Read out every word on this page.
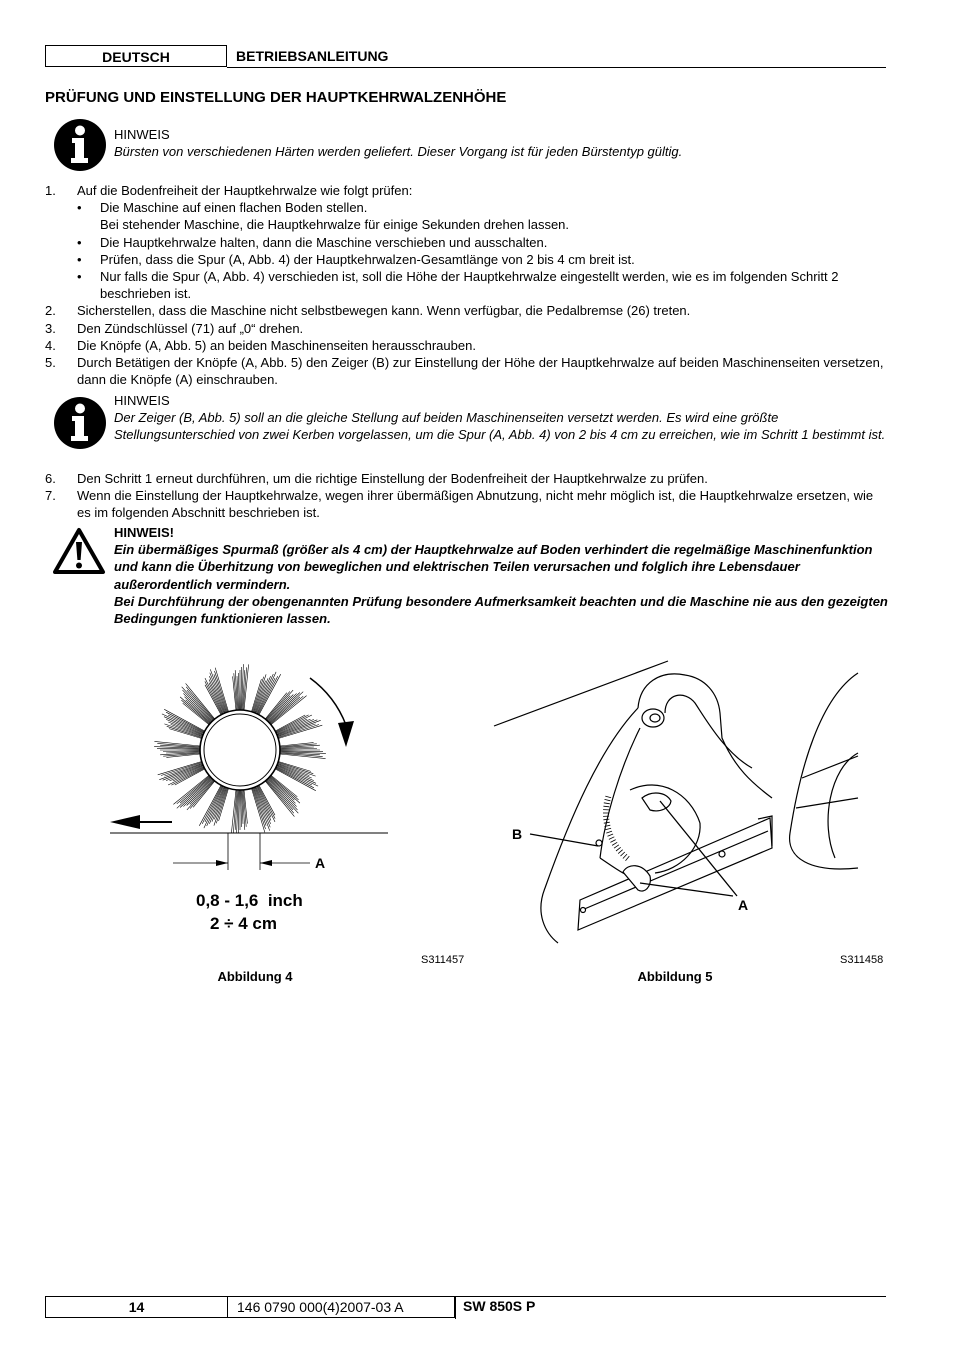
DEUTSCH	BETRIEBSANLEITUNG
PRÜFUNG UND EINSTELLUNG DER HAUPTKEHRWALZENHÖHE
HINWEIS
Bürsten von verschiedenen Härten werden geliefert. Dieser Vorgang ist für jeden Bürstentyp gültig.
1. Auf die Bodenfreiheit der Hauptkehrwalze wie folgt prüfen:
• Die Maschine auf einen flachen Boden stellen.
Bei stehender Maschine, die Hauptkehrwalze für einige Sekunden drehen lassen.
• Die Hauptkehrwalze halten, dann die Maschine verschieben und ausschalten.
• Prüfen, dass die Spur (A, Abb. 4) der Hauptkehrwalzen-Gesamtlänge von 2 bis 4 cm breit ist.
• Nur falls die Spur (A, Abb. 4) verschieden ist, soll die Höhe der Hauptkehrwalze eingestellt werden, wie es im folgenden Schritt 2 beschrieben ist.
2. Sicherstellen, dass die Maschine nicht selbstbewegen kann. Wenn verfügbar, die Pedalbremse (26) treten.
3. Den Zündschlüssel (71) auf „0“ drehen.
4. Die Knöpfe (A, Abb. 5) an beiden Maschinenseiten herausschrauben.
5. Durch Betätigen der Knöpfe (A, Abb. 5) den Zeiger (B) zur Einstellung der Höhe der Hauptkehrwalze auf beiden Maschinenseiten versetzen, dann die Knöpfe (A) einschrauben.
HINWEIS
Der Zeiger (B, Abb. 5) soll an die gleiche Stellung auf beiden Maschinenseiten versetzt werden. Es wird eine größte Stellungsunterschied von zwei Kerben vorgelassen, um die Spur (A, Abb. 4) von 2 bis 4 cm zu erreichen, wie im Schritt 1 bestimmt ist.
6. Den Schritt 1 erneut durchführen, um die richtige Einstellung der Bodenfreiheit der Hauptkehrwalze zu prüfen.
7. Wenn die Einstellung der Hauptkehrwalze, wegen ihrer übermäßigen Abnutzung, nicht mehr möglich ist, die Hauptkehrwalze ersetzen, wie es im folgenden Abschnitt beschrieben ist.
HINWEIS!
Ein übermäßiges Spurmaß (größer als 4 cm) der Hauptkehrwalze auf Boden verhindert die regelmäßige Maschinenfunktion und kann die Überhitzung von beweglichen und elektrischen Teilen verursachen und folglich ihre Lebensdauer außerordentlich vermindern.
Bei Durchführung der obengenannten Prüfung besondere Aufmerksamkeit beachten und die Maschine nie aus den gezeigten Bedingungen funktionieren lassen.
A
0,8 - 1,6  inch
2 ÷ 4 cm
S311457
Abbildung 4
B
A
S311458
Abbildung 5
14	146 0790 000(4)2007-03 A	SW 850S P
